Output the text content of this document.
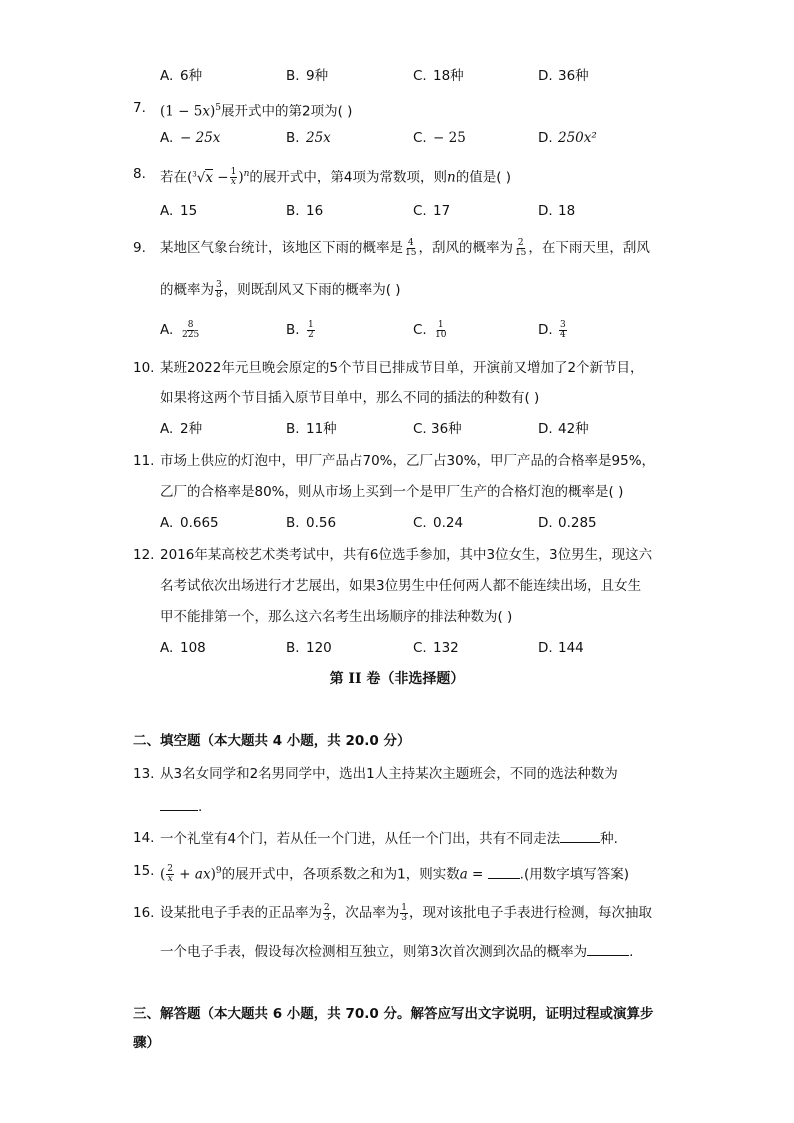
A. 6种	B. 9种	C. 18种	D. 36种
7. $(1 - 5x)^5$展开式中的第2项为( )
A. − 25x	B. 25x	C. − 25	D. 250x²
8. 若在$(^3√x - \frac{1}{x} )^n$的展开式中，第4项为常数项，则n的值是( )
A. 15	B. 16	C. 17	D. 18
9. 某地区气象台统计，该地区下雨的概率是 $\frac{4}{15}$ ，刮风的概率为 $\frac{2}{15}$ ，在下雨天里，刮风
的概率为 $\frac{3}{8}$ ，则既刮风又下雨的概率为( )
A. $\frac{8}{225}$	B. $\frac{1}{2}$	C. $\frac{1}{10}$	D. $\frac{3}{4}$
10. 某班2022年元旦晚会原定的5个节目已排成节目单，开演前又增加了2个新节目，
如果将这两个节目插入原节目单中，那么不同的插法的种数有( )
A. 2种	B. 11种	C. 36种	D. 42种
11. 市场上供应的灯泡中，甲厂产品占70%，乙厂占30%，甲厂产品的合格率是95%，
乙厂的合格率是80%，则从市场上买到一个是甲厂生产的合格灯泡的概率是( )
A. 0.665	B. 0.56	C. 0.24	D. 0.285
12. 2016年某高校艺术类考试中，共有6位选手参加，其中3位女生，3位男生，现这六
名考试依次出场进行才艺展出，如果3位男生中任何两人都不能连续出场，且女生
甲不能排第一个，那么这六名考生出场顺序的排法种数为( )
A. 108	B. 120	C. 132	D. 144
第 II 卷（非选择题）
二、填空题（本大题共 4 小题，共 20.0 分）
13. 从3名女同学和2名男同学中，选出1人主持某次主题班会，不同的选法种数为
.
14. 一个礼堂有4个门，若从任一个门进，从任一个门出，共有不同走法	种.
15. ( $\frac{2}{x} + ax)^9$的展开式中，各项系数之和为1，则实数a = .(用数字填写答案)
16. 设某批电子手表的正品率为 $\frac{2}{3}$ ，次品率为 $\frac{1}{3}$ ，现对该批电子手表进行检测，每次抽取
一个电子手表，假设每次检测相互独立，则第3次首次测到次品的概率为	.
三、解答题（本大题共 6 小题，共 70.0 分。解答应写出文字说明，证明过程或演算步
骤）
